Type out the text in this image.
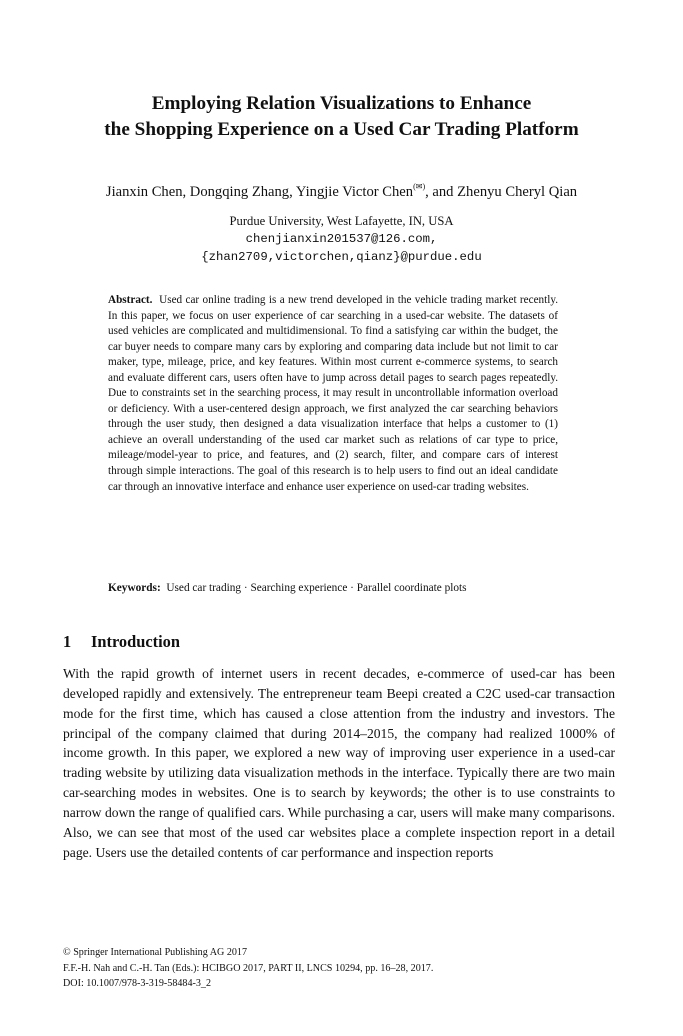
Employing Relation Visualizations to Enhance
the Shopping Experience on a Used Car Trading Platform
Jianxin Chen, Dongqing Zhang, Yingjie Victor Chen(✉), and Zhenyu Cheryl Qian
Purdue University, West Lafayette, IN, USA
chenjianxin201537@126.com,
{zhan2709,victorchen,qianz}@purdue.edu
Abstract. Used car online trading is a new trend developed in the vehicle trading market recently. In this paper, we focus on user experience of car searching in a used-car website. The datasets of used vehicles are complicated and multidimensional. To find a satisfying car within the budget, the car buyer needs to compare many cars by exploring and comparing data include but not limit to car maker, type, mileage, price, and key features. Within most current e-commerce systems, to search and evaluate different cars, users often have to jump across detail pages to search pages repeatedly. Due to constraints set in the searching process, it may result in uncontrollable information overload or deficiency. With a user-centered design approach, we first analyzed the car searching behaviors through the user study, then designed a data visualization interface that helps a customer to (1) achieve an overall understanding of the used car market such as relations of car type to price, mileage/model-year to price, and features, and (2) search, filter, and compare cars of interest through simple interactions. The goal of this research is to help users to find out an ideal candidate car through an innovative interface and enhance user experience on used-car trading websites.
Keywords: Used car trading · Searching experience · Parallel coordinate plots
1 Introduction
With the rapid growth of internet users in recent decades, e-commerce of used-car has been developed rapidly and extensively. The entrepreneur team Beepi created a C2C used-car transaction mode for the first time, which has caused a close attention from the industry and investors. The principal of the company claimed that during 2014–2015, the company had realized 1000% of income growth. In this paper, we explored a new way of improving user experience in a used-car trading website by utilizing data visualization methods in the interface. Typically there are two main car-searching modes in websites. One is to search by keywords; the other is to use constraints to narrow down the range of qualified cars. While purchasing a car, users will make many comparisons. Also, we can see that most of the used car websites place a complete inspection report in a detail page. Users use the detailed contents of car performance and inspection reports
© Springer International Publishing AG 2017
F.F.-H. Nah and C.-H. Tan (Eds.): HCIBGO 2017, PART II, LNCS 10294, pp. 16–28, 2017.
DOI: 10.1007/978-3-319-58484-3_2
